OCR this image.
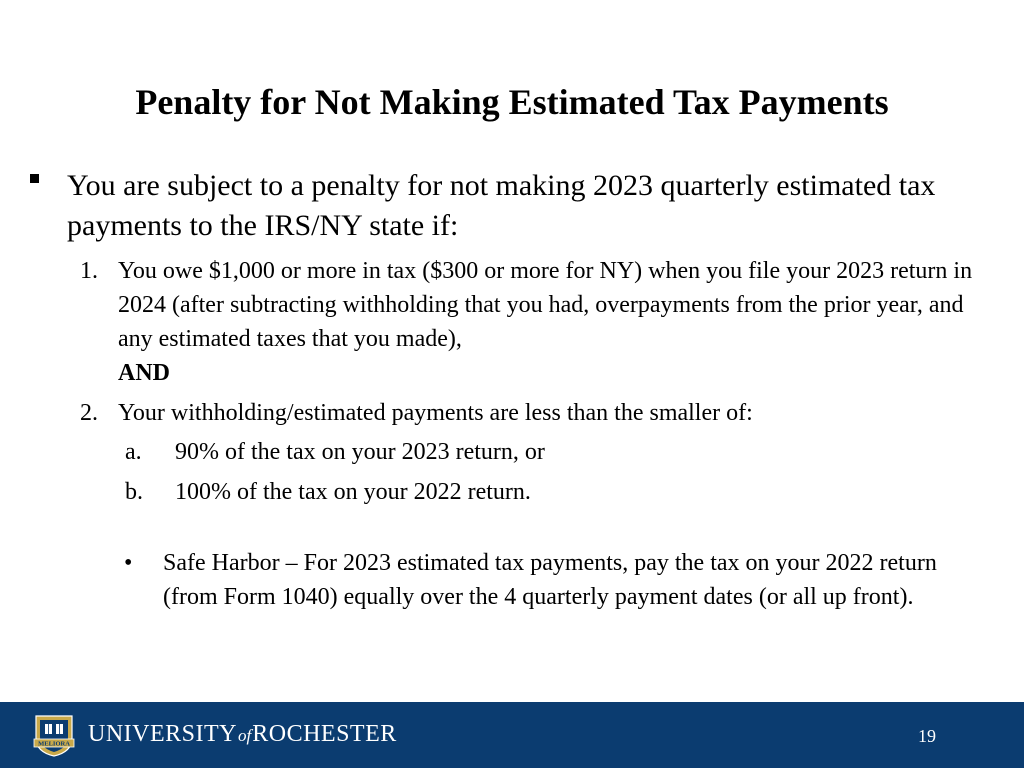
Penalty for Not Making Estimated Tax Payments
You are subject to a penalty for not making 2023 quarterly estimated tax payments to the IRS/NY state if:
1. You owe $1,000 or more in tax ($300 or more for NY) when you file your 2023 return in 2024 (after subtracting withholding that you had, overpayments from the prior year, and any estimated taxes that you made),
AND
2. Your withholding/estimated payments are less than the smaller of:
a. 90% of the tax on your 2023 return, or
b. 100% of the tax on your 2022 return.
• Safe Harbor – For 2023 estimated tax payments, pay the tax on your 2022 return (from Form 1040) equally over the 4 quarterly payment dates (or all up front).
MELIORA UNIVERSITYofROCHESTER	19
